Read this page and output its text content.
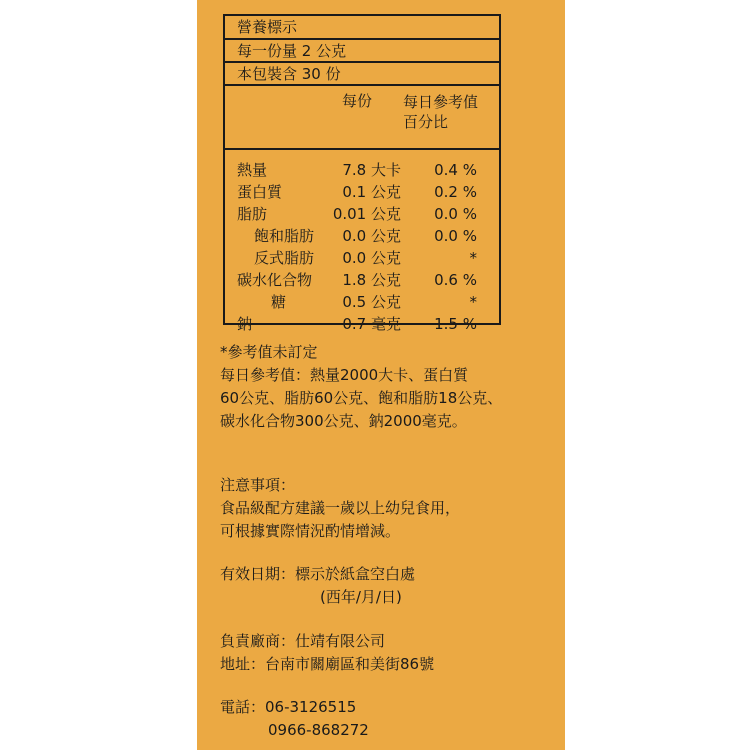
營養標示
每一份量 2 公克
本包裝含 30 份
每份 每日參考值
百分比
熱量	7.8 大卡	0.4 %
蛋白質	0.1 公克	0.2 %
脂肪	0.01 公克	0.0 %
飽和脂肪	0.0 公克	0.0 %
反式脂肪	0.0 公克	*
碳水化合物	1.8 公克	0.6 %
糖	0.5 公克	*
鈉	0.7 毫克	1.5 %
*參考值未訂定
每日參考值：熱量2000大卡、蛋白質
60公克、脂肪60公克、飽和脂肪18公克、
碳水化合物300公克、鈉2000毫克。
注意事項：
食品級配方建議一歲以上幼兒食用，
可根據實際情況酌情增減。
有效日期：標示於紙盒空白處
(西年/月/日)
負責廠商：仕靖有限公司
地址：台南市關廟區和美街86號
電話：06-3126515
0966-868272
